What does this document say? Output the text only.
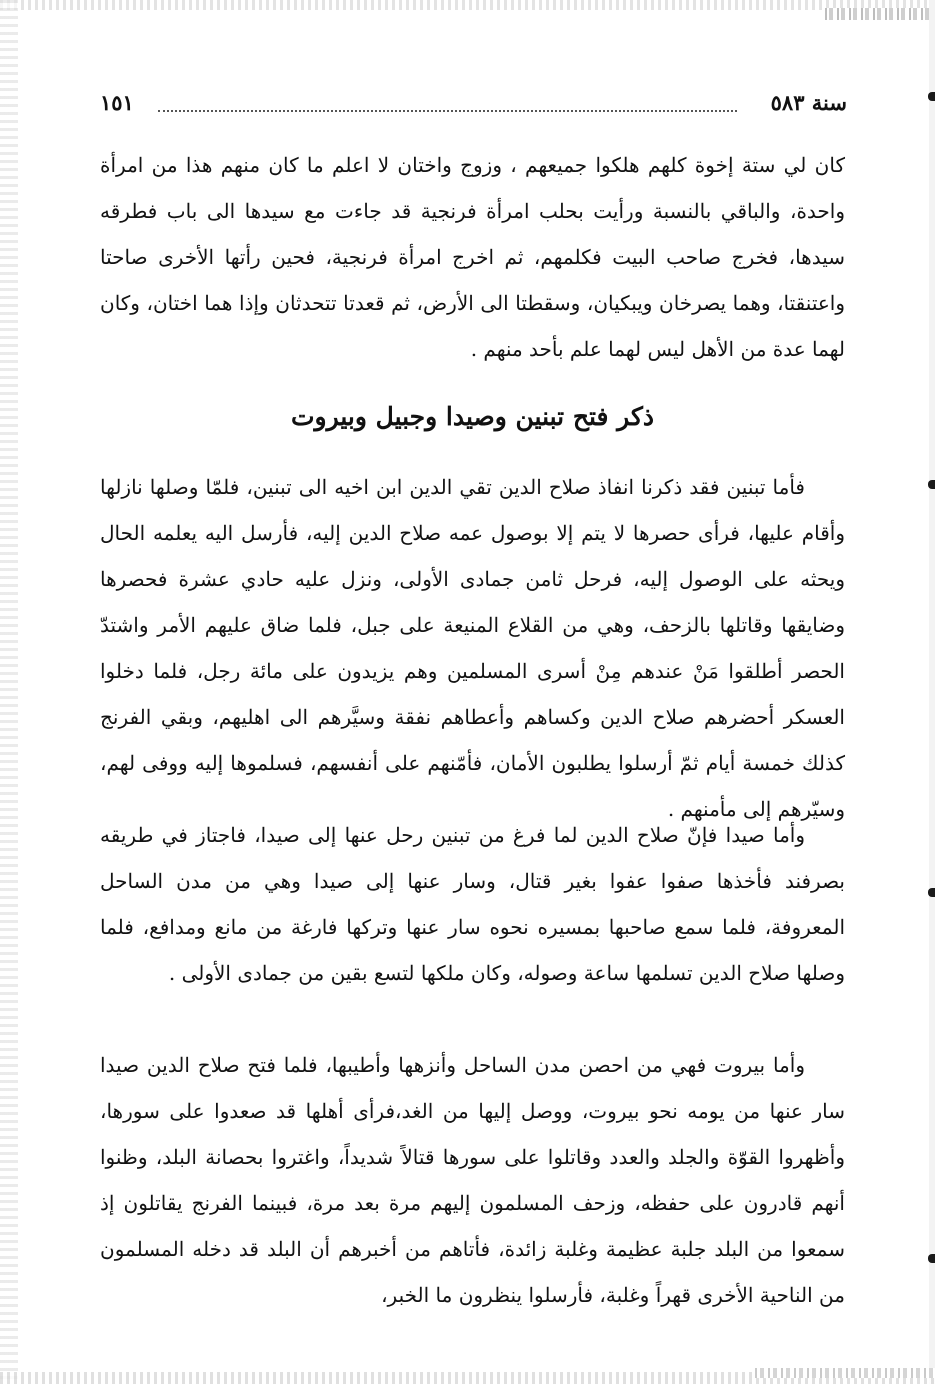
سنة ٥٨٣
١٥١
كان لي ستة إخوة كلهم هلكوا جميعهم ، وزوج واختان لا اعلم ما كان منهم هذا من امرأة واحدة، والباقي بالنسبة ورأيت بحلب امرأة فرنجية قد جاءت مع سيدها الى باب فطرقه سيدها، فخرج صاحب البيت فكلمهم، ثم اخرج امرأة فرنجية، فحين رأتها الأخرى صاحتا واعتنقتا، وهما يصرخان ويبكيان، وسقطتا الى الأرض، ثم قعدتا تتحدثان وإذا هما اختان، وكان لهما عدة من الأهل ليس لهما علم بأحد منهم .
ذكر فتح تبنين وصيدا وجبيل وبيروت
فأما تبنين فقد ذكرنا انفاذ صلاح الدين تقي الدين ابن اخيه الى تبنين، فلمّا وصلها نازلها وأقام عليها، فرأى حصرها لا يتم إلا بوصول عمه صلاح الدين إليه، فأرسل اليه يعلمه الحال ويحثه على الوصول إليه، فرحل ثامن جمادى الأولى، ونزل عليه حادي عشرة فحصرها وضايقها وقاتلها بالزحف، وهي من القلاع المنيعة على جبل، فلما ضاق عليهم الأمر واشتدّ الحصر أطلقوا مَنْ عندهم مِنْ أسرى المسلمين وهم يزيدون على مائة رجل، فلما دخلوا العسكر أحضرهم صلاح الدين وكساهم وأعطاهم نفقة وسيَّرهم الى اهليهم، وبقي الفرنج كذلك خمسة أيام ثمّ أرسلوا يطلبون الأمان، فأمّنهم على أنفسهم، فسلموها إليه ووفى لهم، وسيّرهم إلى مأمنهم .
وأما صيدا فإنّ صلاح الدين لما فرغ من تبنين رحل عنها إلى صيدا، فاجتاز في طريقه بصرفند فأخذها صفوا عفوا بغير قتال، وسار عنها إلى صيدا وهي من مدن الساحل المعروفة، فلما سمع صاحبها بمسيره نحوه سار عنها وتركها فارغة من مانع ومدافع، فلما وصلها صلاح الدين تسلمها ساعة وصوله، وكان ملكها لتسع بقين من جمادى الأولى .
وأما بيروت فهي من احصن مدن الساحل وأنزهها وأطيبها، فلما فتح صلاح الدين صيدا سار عنها من يومه نحو بيروت، ووصل إليها من الغد،فرأى أهلها قد صعدوا على سورها، وأظهروا القوّة والجلد والعدد وقاتلوا على سورها قتالاً شديداً، واغتروا بحصانة البلد، وظنوا أنهم قادرون على حفظه، وزحف المسلمون إليهم مرة بعد مرة، فبينما الفرنج يقاتلون إذ سمعوا من البلد جلبة عظيمة وغلبة زائدة، فأتاهم من أخبرهم أن البلد قد دخله المسلمون من الناحية الأخرى قهراً وغلبة، فأرسلوا ينظرون ما الخبر،
